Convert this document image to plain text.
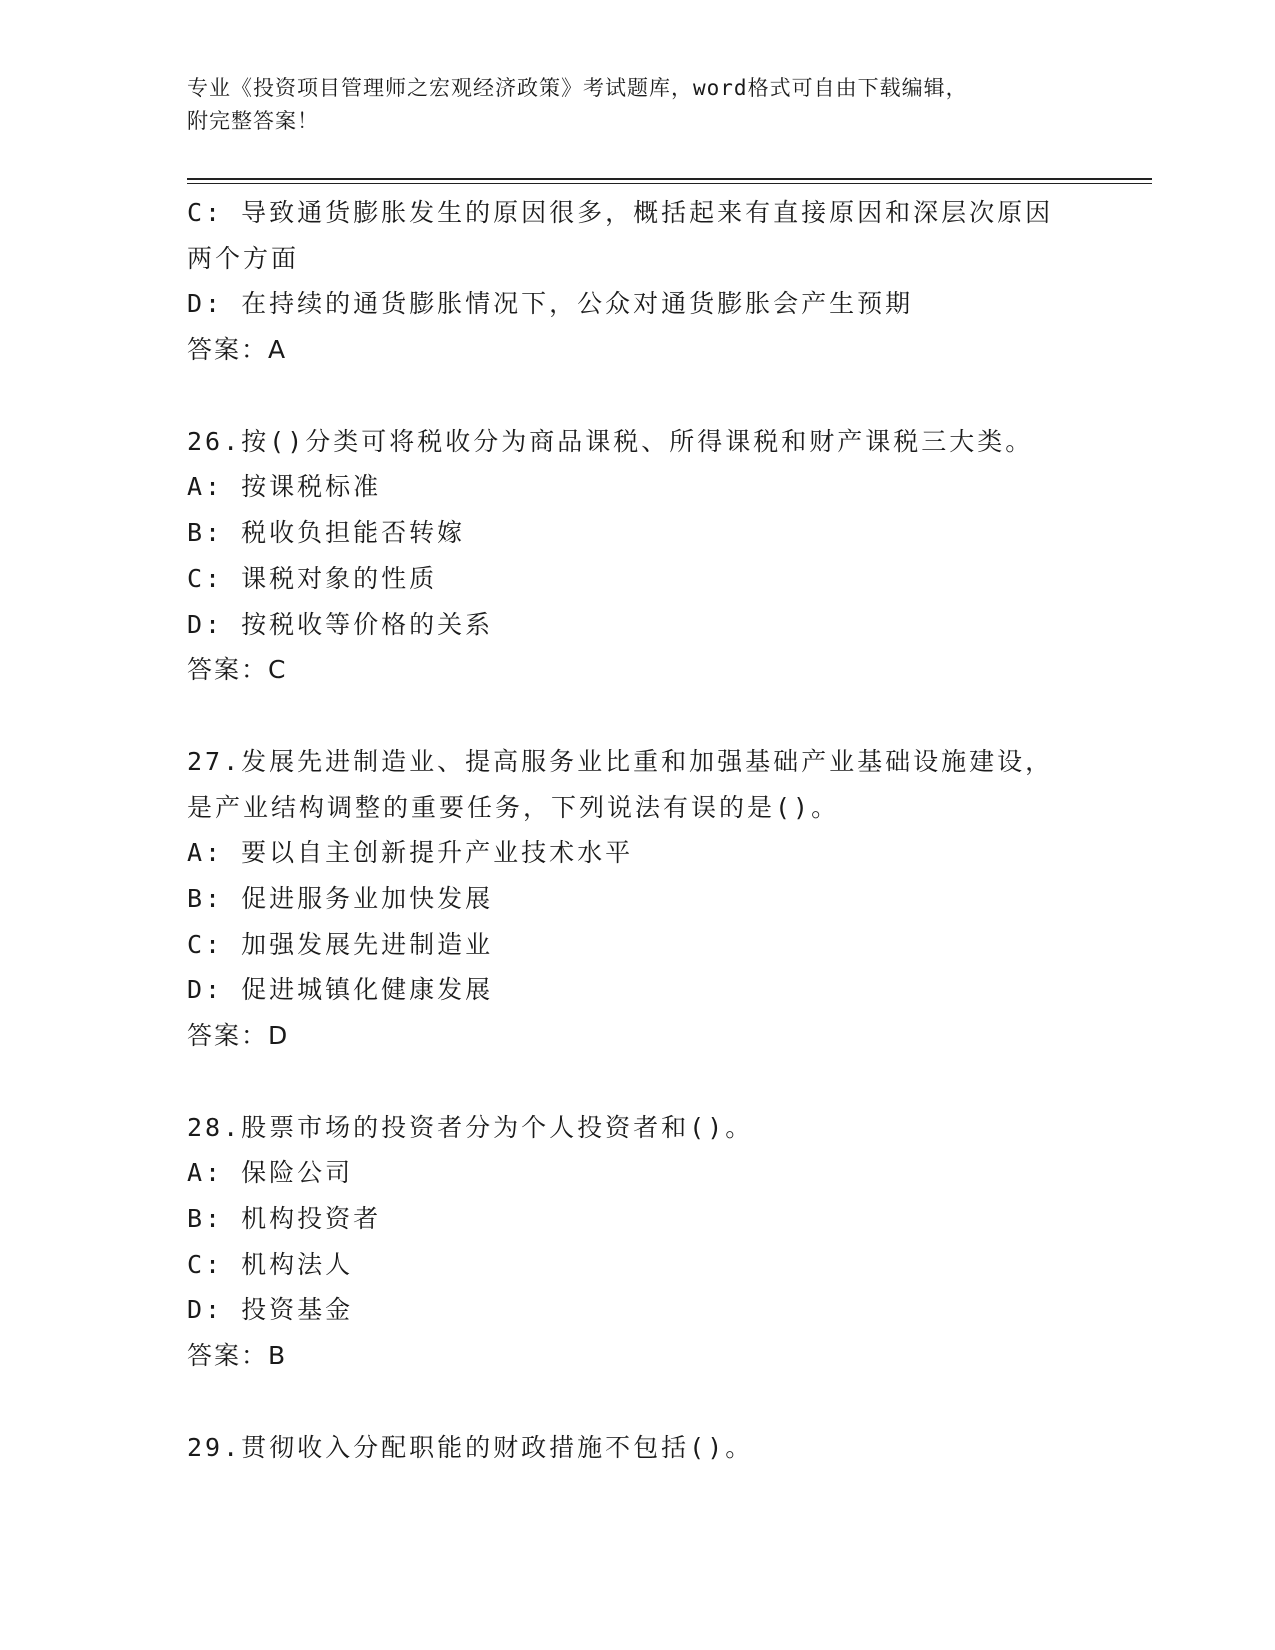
专业《投资项目管理师之宏观经济政策》考试题库，word格式可自由下载编辑，
附完整答案！
C: 导致通货膨胀发生的原因很多，概括起来有直接原因和深层次原因
两个方面
D: 在持续的通货膨胀情况下，公众对通货膨胀会产生预期
答案：A
26.按()分类可将税收分为商品课税、所得课税和财产课税三大类。
A: 按课税标准
B: 税收负担能否转嫁
C: 课税对象的性质
D: 按税收等价格的关系
答案：C
27.发展先进制造业、提高服务业比重和加强基础产业基础设施建设，
是产业结构调整的重要任务，下列说法有误的是()。
A: 要以自主创新提升产业技术水平
B: 促进服务业加快发展
C: 加强发展先进制造业
D: 促进城镇化健康发展
答案：D
28.股票市场的投资者分为个人投资者和()。
A: 保险公司
B: 机构投资者
C: 机构法人
D: 投资基金
答案：B
29.贯彻收入分配职能的财政措施不包括()。
